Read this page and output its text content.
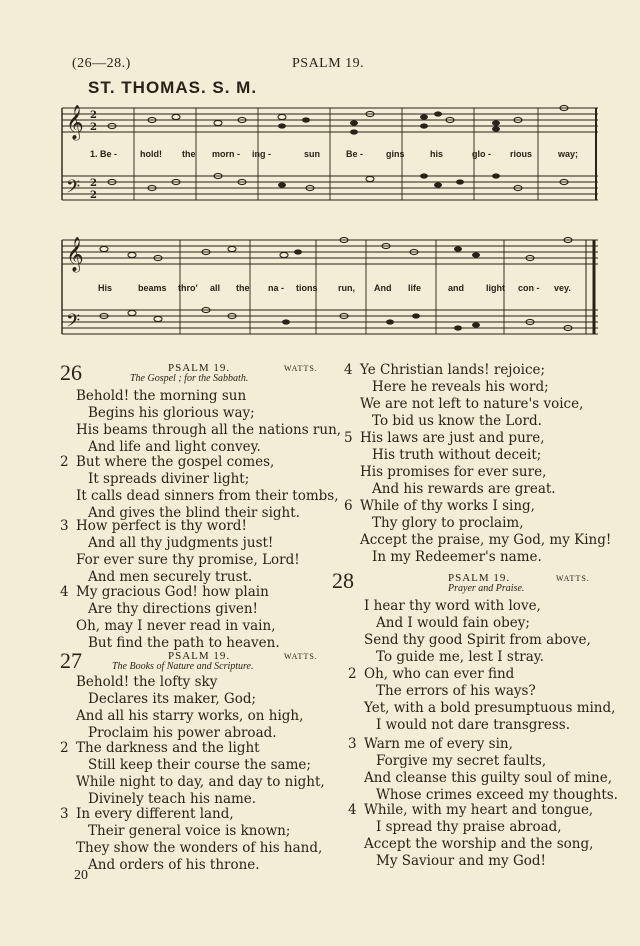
(26—28.)	PSALM 19.
ST. THOMAS. S. M.
𝄞
𝄢
2
2
2
2
1. Be -	hold! the morn - ing -	sun	Be -	gins	his	glo - rious	way;
𝄞
𝄢
His	beams thro' all the na - tions run, And life	and light con - vey.
26	PSALM 19.	WATTS.
The Gospel ; for the Sabbath.
Behold! the morning sun
Begins his glorious way;
His beams through all the nations run,
And life and light convey.
2 But where the gospel comes,
It spreads diviner light;
It calls dead sinners from their tombs,
And gives the blind their sight.
3 How perfect is thy word!
And all thy judgments just!
For ever sure thy promise, Lord!
And men securely trust.
4 My gracious God! how plain
Are thy directions given!
Oh, may I never read in vain,
But find the path to heaven.
27	PSALM 19.	WATTS.
The Books of Nature and Scripture.
Behold! the lofty sky
Declares its maker, God;
And all his starry works, on high,
Proclaim his power abroad.
2 The darkness and the light
Still keep their course the same;
While night to day, and day to night,
Divinely teach his name.
3 In every different land,
Their general voice is known;
They show the wonders of his hand,
And orders of his throne.
20
4 Ye Christian lands! rejoice;
Here he reveals his word;
We are not left to nature's voice,
To bid us know the Lord.
5 His laws are just and pure,
His truth without deceit;
His promises for ever sure,
And his rewards are great.
6 While of thy works I sing,
Thy glory to proclaim,
Accept the praise, my God, my King!
In my Redeemer's name.
28	PSALM 19.	WATTS.
Prayer and Praise.
I hear thy word with love,
And I would fain obey;
Send thy good Spirit from above,
To guide me, lest I stray.
2 Oh, who can ever find
The errors of his ways?
Yet, with a bold presumptuous mind,
I would not dare transgress.
3 Warn me of every sin,
Forgive my secret faults,
And cleanse this guilty soul of mine,
Whose crimes exceed my thoughts.
4 While, with my heart and tongue,
I spread thy praise abroad,
Accept the worship and the song,
My Saviour and my God!
